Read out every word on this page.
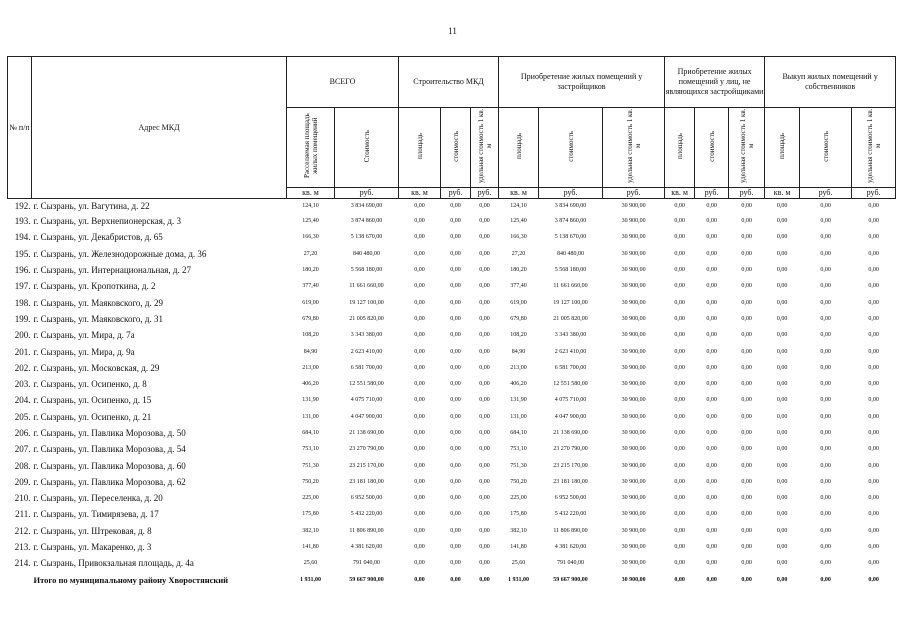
11
№ п/п	Адрес МКД	ВСЕГО		Строительство МКД			Приобретение жилых помещений у застройщиков			Приобретение жилых помещений у лиц, не являющихся застройщиками			Выкуп жилых помещений у собственников		
		Расселяемая площадь жилых помещений	Стоимость	площадь	стоимость	удельная стоимость 1 кв. м	площадь	стоимость	удельная стоимость 1 кв. м	площадь	стоимость	удельная стоимость 1 кв. м	площадь	стоимость	удельная стоимость 1 кв. м
		кв. м	руб.	кв. м	руб.	руб.	кв. м	руб.	руб.	кв. м	руб.	руб.	кв. м	руб.	руб.
192.	г. Сызрань, ул. Вагутина, д. 22	124,10	3 834 690,00	0,00	0,00	0,00	124,10	3 834 690,00	30 900,00	0,00	0,00	0,00	0,00	0,00	0,00
193.	г. Сызрань, ул. Верхнепионерская, д. 3	125,40	3 874 860,00	0,00	0,00	0,00	125,40	3 874 860,00	30 900,00	0,00	0,00	0,00	0,00	0,00	0,00
194.	г. Сызрань, ул. Декабристов, д. 65	166,30	5 138 670,00	0,00	0,00	0,00	166,30	5 138 670,00	30 900,00	0,00	0,00	0,00	0,00	0,00	0,00
195.	г. Сызрань, ул. Железнодорожные дома, д. 36	27,20	840 480,00	0,00	0,00	0,00	27,20	840 480,00	30 900,00	0,00	0,00	0,00	0,00	0,00	0,00
196.	г. Сызрань, ул. Интернациональная, д. 27	180,20	5 568 180,00	0,00	0,00	0,00	180,20	5 568 180,00	30 900,00	0,00	0,00	0,00	0,00	0,00	0,00
197.	г. Сызрань, ул. Кропоткина, д. 2	377,40	11 661 660,00	0,00	0,00	0,00	377,40	11 661 660,00	30 900,00	0,00	0,00	0,00	0,00	0,00	0,00
198.	г. Сызрань, ул. Маяковского, д. 29	619,00	19 127 100,00	0,00	0,00	0,00	619,00	19 127 100,00	30 900,00	0,00	0,00	0,00	0,00	0,00	0,00
199.	г. Сызрань, ул. Маяковского, д. 31	679,80	21 005 820,00	0,00	0,00	0,00	679,80	21 005 820,00	30 900,00	0,00	0,00	0,00	0,00	0,00	0,00
200.	г. Сызрань, ул. Мира, д. 7а	108,20	3 343 380,00	0,00	0,00	0,00	108,20	3 343 380,00	30 900,00	0,00	0,00	0,00	0,00	0,00	0,00
201.	г. Сызрань, ул. Мира, д. 9а	84,90	2 623 410,00	0,00	0,00	0,00	84,90	2 623 410,00	30 900,00	0,00	0,00	0,00	0,00	0,00	0,00
202.	г. Сызрань, ул. Московская, д. 29	213,00	6 581 700,00	0,00	0,00	0,00	213,00	6 581 700,00	30 900,00	0,00	0,00	0,00	0,00	0,00	0,00
203.	г. Сызрань, ул. Осипенко, д. 8	406,20	12 551 580,00	0,00	0,00	0,00	406,20	12 551 580,00	30 900,00	0,00	0,00	0,00	0,00	0,00	0,00
204.	г. Сызрань, ул. Осипенко, д. 15	131,90	4 075 710,00	0,00	0,00	0,00	131,90	4 075 710,00	30 900,00	0,00	0,00	0,00	0,00	0,00	0,00
205.	г. Сызрань, ул. Осипенко, д. 21	131,00	4 047 900,00	0,00	0,00	0,00	131,00	4 047 900,00	30 900,00	0,00	0,00	0,00	0,00	0,00	0,00
206.	г. Сызрань, ул. Павлика Морозова, д. 50	684,10	21 138 690,00	0,00	0,00	0,00	684,10	21 138 690,00	30 900,00	0,00	0,00	0,00	0,00	0,00	0,00
207.	г. Сызрань, ул. Павлика Морозова, д. 54	753,10	23 270 790,00	0,00	0,00	0,00	753,10	23 270 790,00	30 900,00	0,00	0,00	0,00	0,00	0,00	0,00
208.	г. Сызрань, ул. Павлика Морозова, д. 60	751,30	23 215 170,00	0,00	0,00	0,00	751,30	23 215 170,00	30 900,00	0,00	0,00	0,00	0,00	0,00	0,00
209.	г. Сызрань, ул. Павлика Морозова, д. 62	750,20	23 181 180,00	0,00	0,00	0,00	750,20	23 181 180,00	30 900,00	0,00	0,00	0,00	0,00	0,00	0,00
210.	г. Сызрань, ул. Переселенка, д. 20	225,00	6 952 500,00	0,00	0,00	0,00	225,00	6 952 500,00	30 900,00	0,00	0,00	0,00	0,00	0,00	0,00
211.	г. Сызрань, ул. Тимирязева, д. 17	175,80	5 432 220,00	0,00	0,00	0,00	175,80	5 432 220,00	30 900,00	0,00	0,00	0,00	0,00	0,00	0,00
212.	г. Сызрань, ул. Штрековая, д. 8	382,10	11 806 890,00	0,00	0,00	0,00	382,10	11 806 890,00	30 900,00	0,00	0,00	0,00	0,00	0,00	0,00
213.	г. Сызрань, ул. Макаренко, д. 3	141,80	4 381 620,00	0,00	0,00	0,00	141,80	4 381 620,00	30 900,00	0,00	0,00	0,00	0,00	0,00	0,00
214.	г. Сызрань, Привокзальная площадь, д. 4а	25,60	791 040,00	0,00	0,00	0,00	25,60	791 040,00	30 900,00	0,00	0,00	0,00	0,00	0,00	0,00
	Итого по муниципальному району Хворостянский	1 931,00	59 667 900,00	0,00	0,00	0,00	1 931,00	59 667 900,00	30 900,00	0,00	0,00	0,00	0,00	0,00	0,00
